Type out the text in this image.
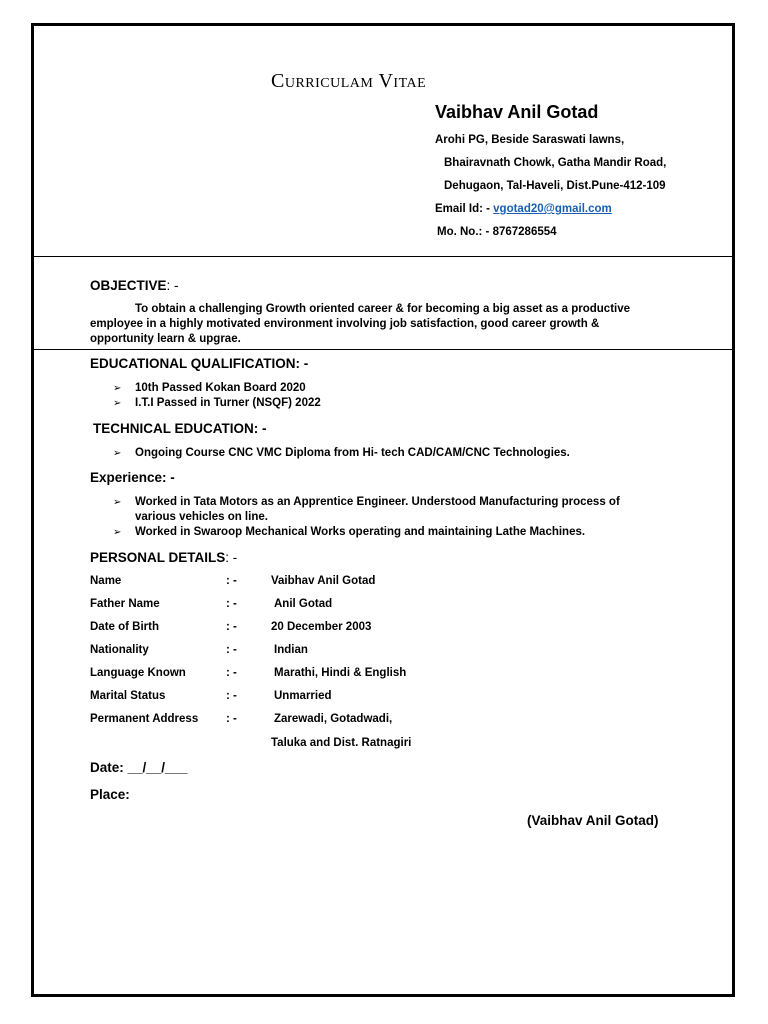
Curriculam Vitae
Vaibhav Anil Gotad
Arohi PG, Beside Saraswati lawns,
Bhairavnath Chowk, Gatha Mandir Road,
Dehugaon, Tal-Haveli, Dist.Pune-412-109
Email Id: - vgotad20@gmail.com
Mo. No.: - 8767286554
OBJECTIVE: -

To obtain a challenging Growth oriented career & for becoming a big asset as a productive employee in a highly motivated environment involving job satisfaction, good career growth & opportunity learn & upgrae.

EDUCATIONAL QUALIFICATION: -
➢ 10th Passed Kokan Board 2020
➢ I.T.I Passed in Turner (NSQF) 2022
TECHNICAL EDUCATION: -
➢ Ongoing Course CNC VMC Diploma from Hi- tech CAD/CAM/CNC Technologies.
Experience: -
➢ Worked in Tata Motors as an Apprentice Engineer. Understood Manufacturing process of various vehicles on line.
➢ Worked in Swaroop Mechanical Works operating and maintaining Lathe Machines.
PERSONAL DETAILS: -
Name	: -	Vaibhav Anil Gotad
Father Name	: -	Anil Gotad
Date of Birth	: -	20 December 2003
Nationality	: -	Indian
Language Known	: -	Marathi, Hindi & English
Marital Status	: -	Unmarried
Permanent Address : -	Zarewadi, Gotadwadi,
Taluka and Dist. Ratnagiri
Date: __/__/___
Place:
(Vaibhav Anil Gotad)
